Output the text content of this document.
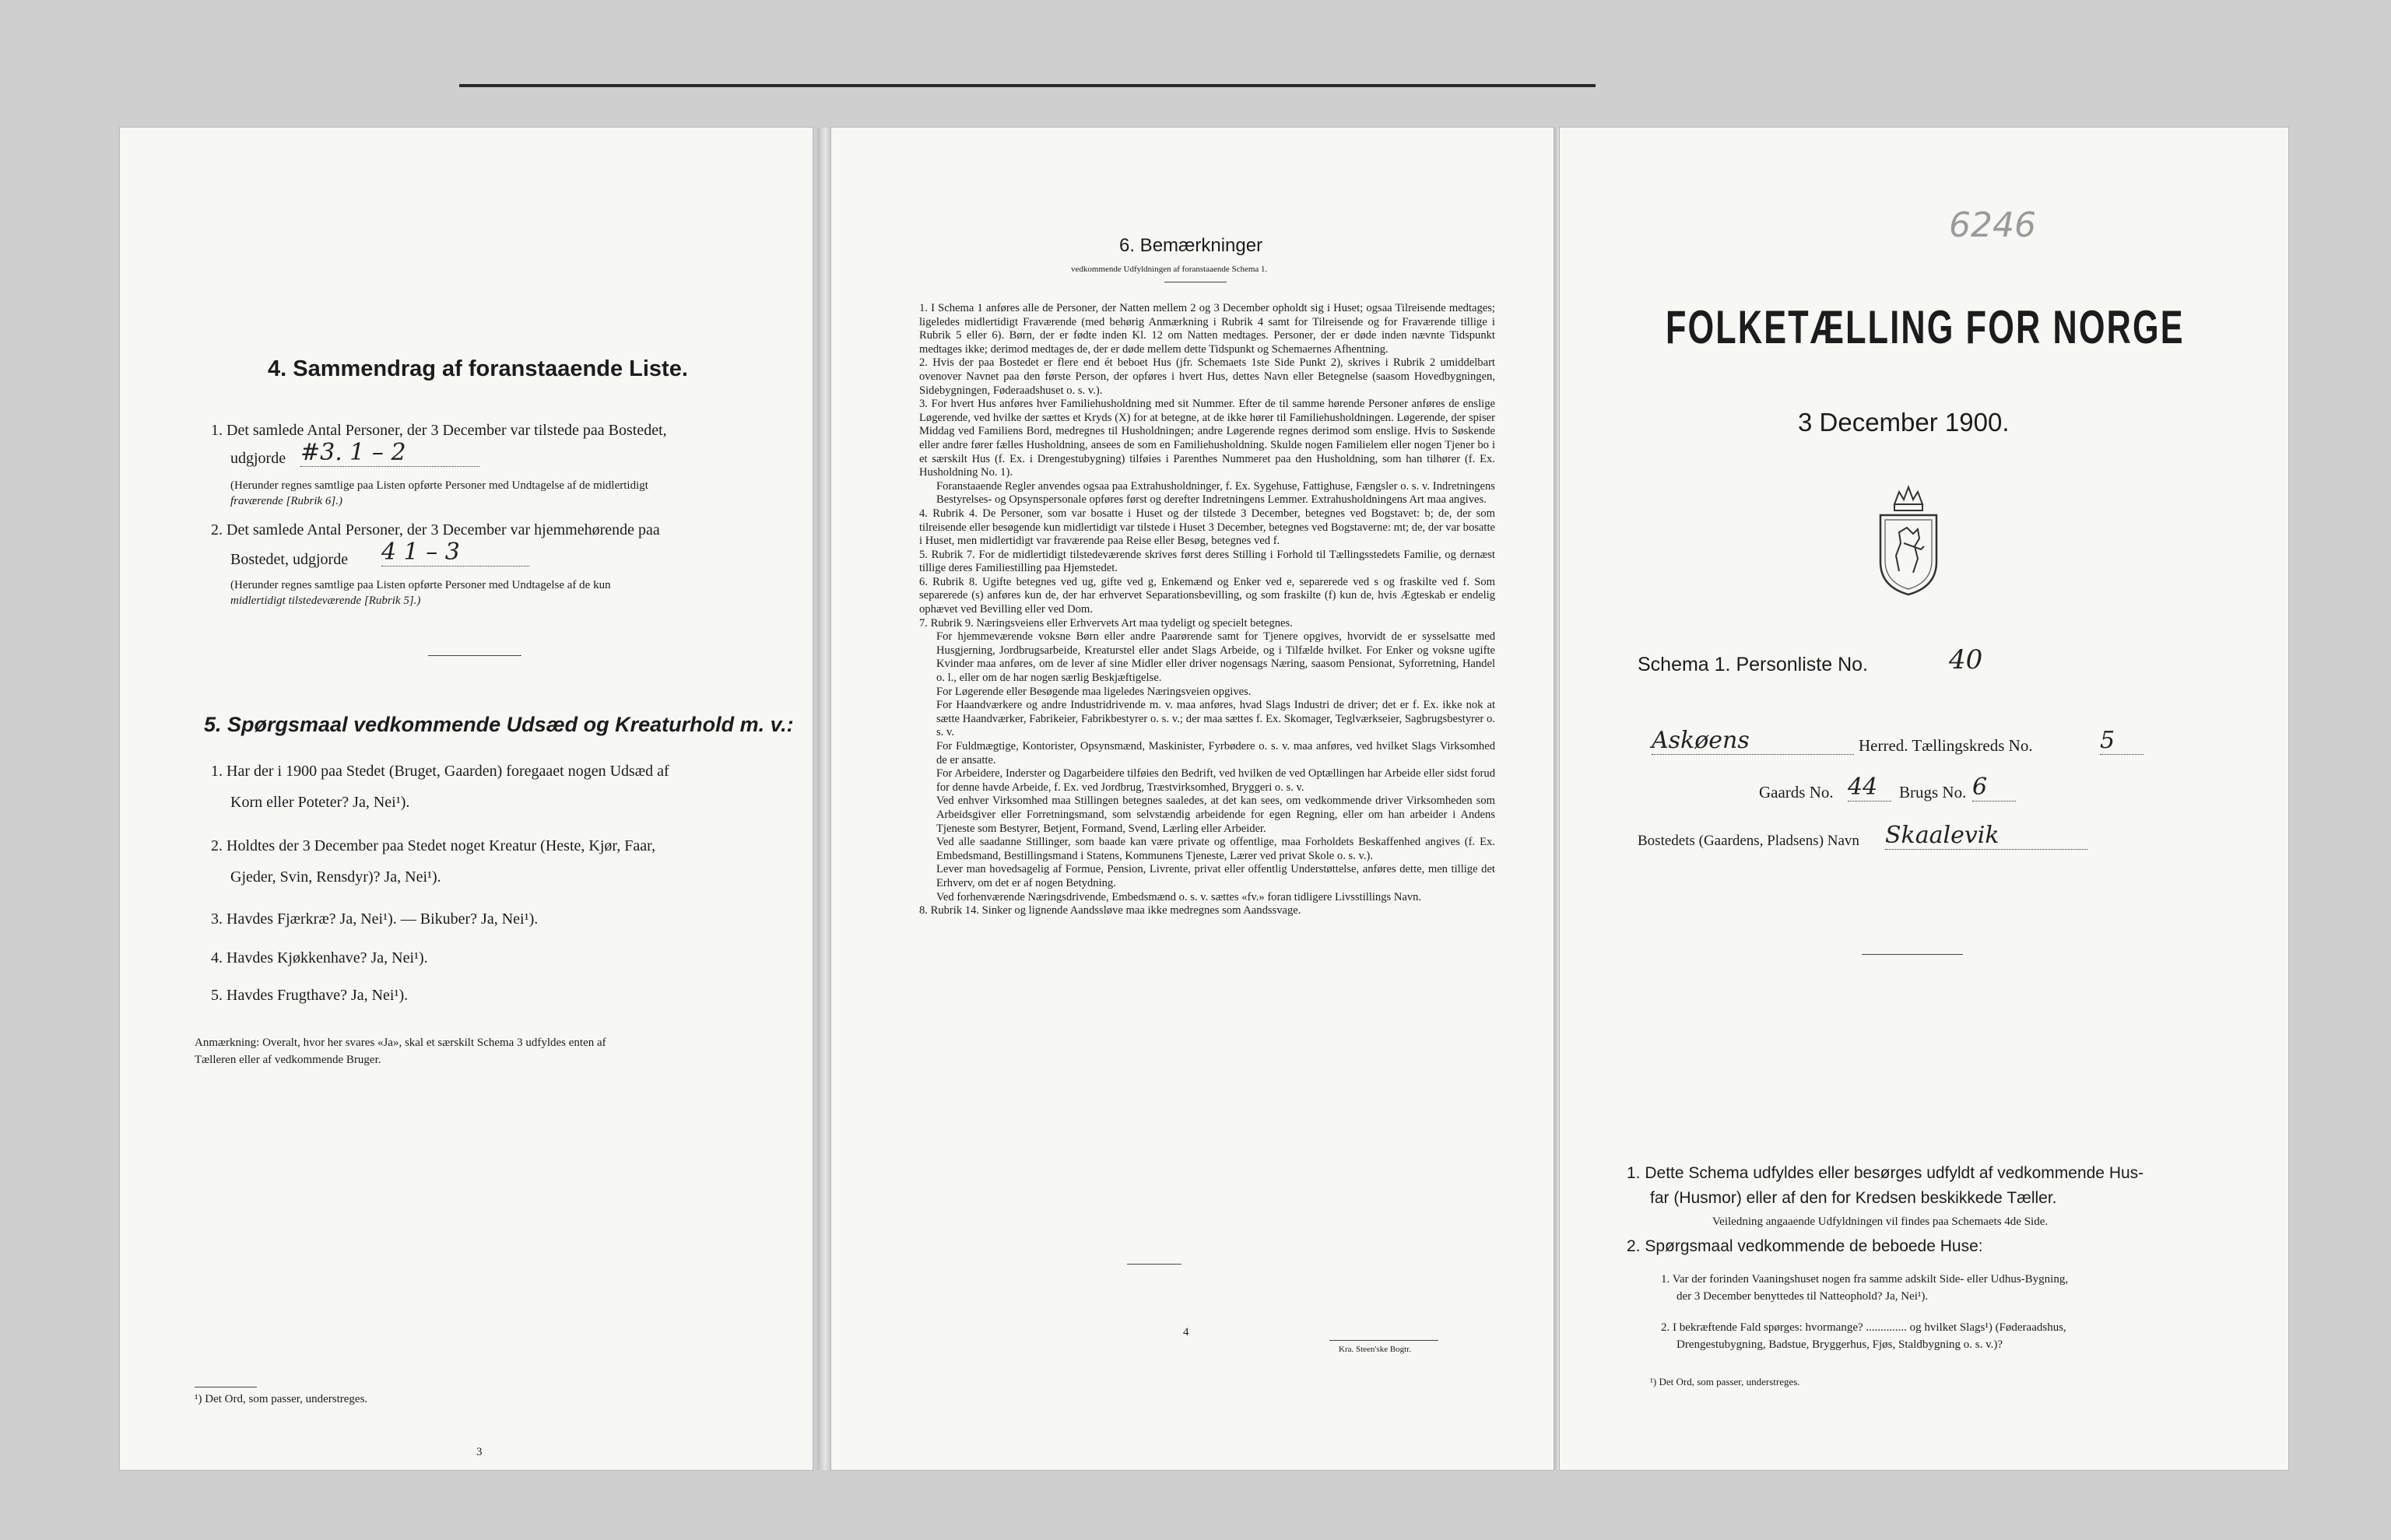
4. Sammendrag af foranstaaende Liste.
1. Det samlede Antal Personer, der 3 December var tilstede paa Bostedet,
udgjorde #3. 1 – 2
(Herunder regnes samtlige paa Listen opførte Personer med Undtagelse af de midlertidigt
fraværende [Rubrik 6].)
2. Det samlede Antal Personer, der 3 December var hjemmehørende paa
Bostedet, udgjorde 4 1 – 3
(Herunder regnes samtlige paa Listen opførte Personer med Undtagelse af de kun
midlertidigt tilstedeværende [Rubrik 5].)
5. Spørgsmaal vedkommende Udsæd og Kreaturhold m. v.:
1. Har der i 1900 paa Stedet (Bruget, Gaarden) foregaaet nogen Udsæd af
Korn eller Poteter? Ja, Nei¹).
2. Holdtes der 3 December paa Stedet noget Kreatur (Heste, Kjør, Faar,
Gjeder, Svin, Rensdyr)? Ja, Nei¹).
3. Havdes Fjærkræ? Ja, Nei¹). — Bikuber? Ja, Nei¹).
4. Havdes Kjøkkenhave? Ja, Nei¹).
5. Havdes Frugthave? Ja, Nei¹).
Anmærkning: Overalt, hvor her svares «Ja», skal et særskilt Schema 3 udfyldes enten af
Tælleren eller af vedkommende Bruger.
¹) Det Ord, som passer, understreges.
3
6. Bemærkninger
vedkommende Udfyldningen af foranstaaende Schema 1.

1. I Schema 1 anføres alle de Personer, der Natten mellem 2 og 3 December opholdt sig i Huset; ogsaa Tilreisende medtages; ligeledes midlertidigt Fraværende (med behørig Anmærkning i Rubrik 4 samt for Tilreisende og for Fraværende tillige i Rubrik 5 eller 6). Børn, der er fødte inden Kl. 12 om Natten medtages. Personer, der er døde inden nævnte Tidspunkt medtages ikke; derimod medtages de, der er døde mellem dette Tidspunkt og Schemaernes Afhentning.

2. Hvis der paa Bostedet er flere end ét beboet Hus (jfr. Schemaets 1ste Side Punkt 2), skrives i Rubrik 2 umiddelbart ovenover Navnet paa den første Person, der opføres i hvert Hus, dettes Navn eller Betegnelse (saasom Hovedbygningen, Sidebygningen, Føderaadshuset o. s. v.).

3. For hvert Hus anføres hver Familiehusholdning med sit Nummer. Efter de til samme hørende Personer anføres de enslige Løgerende, ved hvilke der sættes et Kryds (X) for at betegne, at de ikke hører til Familiehusholdningen. Løgerende, der spiser Middag ved Familiens Bord, medregnes til Husholdningen; andre Løgerende regnes derimod som enslige. Hvis to Søskende eller andre fører fælles Husholdning, ansees de som en Familiehusholdning. Skulde nogen Familielem eller nogen Tjener bo i et særskilt Hus (f. Ex. i Drengestubygning) tilføies i Parenthes Nummeret paa den Husholdning, som han tilhører (f. Ex. Husholdning No. 1).

Foranstaaende Regler anvendes ogsaa paa Extrahusholdninger, f. Ex. Sygehuse, Fattighuse, Fængsler o. s. v. Indretningens Bestyrelses- og Opsynspersonale opføres først og derefter Indretningens Lemmer. Extrahusholdningens Art maa angives.

4. Rubrik 4. De Personer, som var bosatte i Huset og der tilstede 3 December, betegnes ved Bogstavet: b; de, der som tilreisende eller besøgende kun midlertidigt var tilstede i Huset 3 December, betegnes ved Bogstaverne: mt; de, der var bosatte i Huset, men midlertidigt var fraværende paa Reise eller Besøg, betegnes ved f.

5. Rubrik 7. For de midlertidigt tilstedeværende skrives først deres Stilling i Forhold til Tællingsstedets Familie, og dernæst tillige deres Familiestilling paa Hjemstedet.

6. Rubrik 8. Ugifte betegnes ved ug, gifte ved g, Enkemænd og Enker ved e, separerede ved s og fraskilte ved f. Som separerede (s) anføres kun de, der har erhvervet Separationsbevilling, og som fraskilte (f) kun de, hvis Ægteskab er endelig ophævet ved Bevilling eller ved Dom.

7. Rubrik 9. Næringsveiens eller Erhvervets Art maa tydeligt og specielt betegnes.

For hjemmeværende voksne Børn eller andre Paarørende samt for Tjenere opgives, hvorvidt de er sysselsatte med Husgjerning, Jordbrugsarbeide, Kreaturstel eller andet Slags Arbeide, og i Tilfælde hvilket. For Enker og voksne ugifte Kvinder maa anføres, om de lever af sine Midler eller driver nogensags Næring, saasom Pensionat, Syforretning, Handel o. l., eller om de har nogen særlig Beskjæftigelse.

For Løgerende eller Besøgende maa ligeledes Næringsveien opgives.

For Haandværkere og andre Industridrivende m. v. maa anføres, hvad Slags Industri de driver; det er f. Ex. ikke nok at sætte Haandværker, Fabrikeier, Fabrikbestyrer o. s. v.; der maa sættes f. Ex. Skomager, Teglværkseier, Sagbrugsbestyrer o. s. v.

For Fuldmægtige, Kontorister, Opsynsmænd, Maskinister, Fyrbødere o. s. v. maa anføres, ved hvilket Slags Virksomhed de er ansatte.

For Arbeidere, Inderster og Dagarbeidere tilføies den Bedrift, ved hvilken de ved Optællingen har Arbeide eller sidst forud for denne havde Arbeide, f. Ex. ved Jordbrug, Træstvirksomhed, Bryggeri o. s. v.

Ved enhver Virksomhed maa Stillingen betegnes saaledes, at det kan sees, om vedkommende driver Virksomheden som Arbeidsgiver eller Forretningsmand, som selvstændig arbeidende for egen Regning, eller om han arbeider i Andens Tjeneste som Bestyrer, Betjent, Formand, Svend, Lærling eller Arbeider.

Ved alle saadanne Stillinger, som baade kan være private og offentlige, maa Forholdets Beskaffenhed angives (f. Ex. Embedsmand, Bestillingsmand i Statens, Kommunens Tjeneste, Lærer ved privat Skole o. s. v.).

Lever man hovedsagelig af Formue, Pension, Livrente, privat eller offentlig Understøttelse, anføres dette, men tillige det Erhverv, om det er af nogen Betydning.

Ved forhenværende Næringsdrivende, Embedsmænd o. s. v. sættes «fv.» foran tidligere Livsstillings Navn.

8. Rubrik 14. Sinker og lignende Aandssløve maa ikke medregnes som Aandssvage.

4
Kra. Steen'ske Bogtr.
6246
FOLKETÆLLING FOR NORGE
3 December 1900.
Schema 1. Personliste No.	40
Askøens	Herred. Tællingskreds No.	5
Gaards No. 44	Brugs No. 6
Bostedets (Gaardens, Pladsens) Navn Skaalevik
1. Dette Schema udfyldes eller besørges udfyldt af vedkommende Hus-
far (Husmor) eller af den for Kredsen beskikkede Tæller.
Veiledning angaaende Udfyldningen vil findes paa Schemaets 4de Side.
2. Spørgsmaal vedkommende de beboede Huse:
1. Var der forinden Vaaningshuset nogen fra samme adskilt Side- eller Udhus-Bygning,
der 3 December benyttedes til Natteophold? Ja, Nei¹).
2. I bekræftende Fald spørges: hvormange? .............. og hvilket Slags¹) (Føderaadshus,
Drengestubygning, Badstue, Bryggerhus, Fjøs, Staldbygning o. s. v.)?
¹) Det Ord, som passer, understreges.
